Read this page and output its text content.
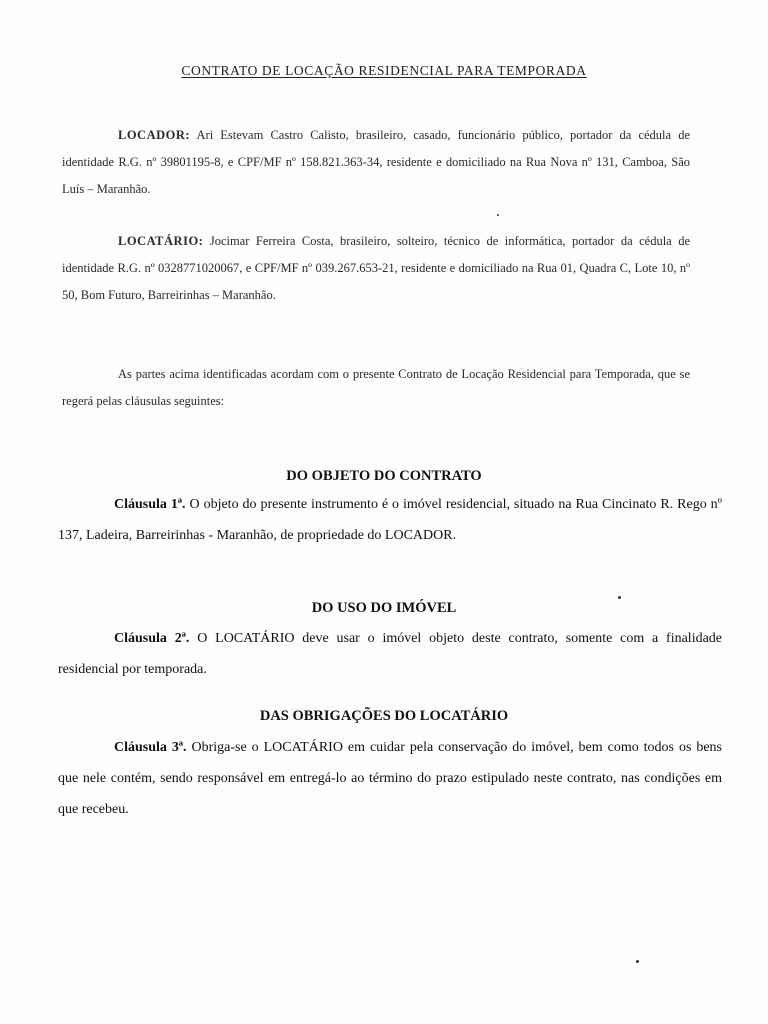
CONTRATO DE LOCAÇÃO RESIDENCIAL PARA TEMPORADA
LOCADOR: Ari Estevam Castro Calisto, brasileiro, casado, funcionário público, portador da cédula de identidade R.G. nº 39801195-8, e CPF/MF nº 158.821.363-34, residente e domiciliado na Rua Nova nº 131, Camboa, São Luís – Maranhão.
LOCATÁRIO: Jocimar Ferreira Costa, brasileiro, solteiro, técnico de informática, portador da cédula de identidade R.G. nº 0328771020067, e CPF/MF nº 039.267.653-21, residente e domiciliado na Rua 01, Quadra C, Lote 10, nº 50, Bom Futuro, Barreirinhas – Maranhão.
As partes acima identificadas acordam com o presente Contrato de Locação Residencial para Temporada, que se regerá pelas cláusulas seguintes:
DO OBJETO DO CONTRATO
Cláusula 1ª. O objeto do presente instrumento é o imóvel residencial, situado na Rua Cincinato R. Rego nº 137, Ladeira, Barreirinhas - Maranhão, de propriedade do LOCADOR.
DO USO DO IMÓVEL
Cláusula 2ª. O LOCATÁRIO deve usar o imóvel objeto deste contrato, somente com a finalidade residencial por temporada.
DAS OBRIGAÇÕES DO LOCATÁRIO
Cláusula 3ª. Obriga-se o LOCATÁRIO em cuidar pela conservação do imóvel, bem como todos os bens que nele contém, sendo responsável em entregá-lo ao término do prazo estipulado neste contrato, nas condições em que recebeu.
